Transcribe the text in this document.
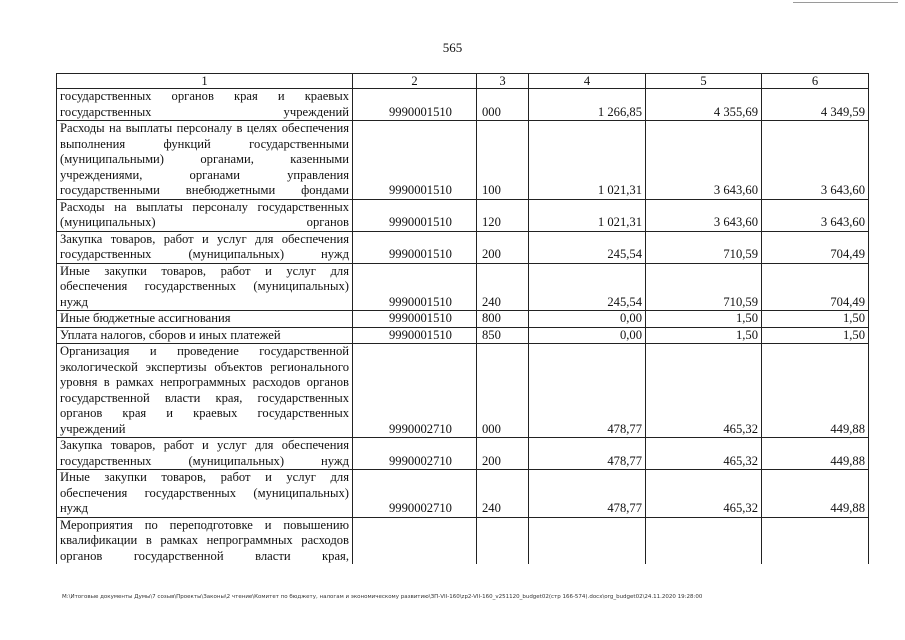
565
1	2	3	4	5	6
государственных органов края и краевых государственных учреждений	9990001510	000	1 266,85	4 355,69	4 349,59
Расходы на выплаты персоналу в целях обеспечения выполнения функций государственными (муниципальными) органами, казенными учреждениями, органами управления государственными внебюджетными фондами	9990001510	100	1 021,31	3 643,60	3 643,60
Расходы на выплаты персоналу государственных (муниципальных) органов	9990001510	120	1 021,31	3 643,60	3 643,60
Закупка товаров, работ и услуг для обеспечения государственных (муниципальных) нужд	9990001510	200	245,54	710,59	704,49
Иные закупки товаров, работ и услуг для обеспечения государственных (муниципальных) нужд	9990001510	240	245,54	710,59	704,49
Иные бюджетные ассигнования	9990001510	800	0,00	1,50	1,50
Уплата налогов, сборов и иных платежей	9990001510	850	0,00	1,50	1,50
Организация и проведение государственной экологической экспертизы объектов регионального уровня в рамках непрограммных расходов органов государственной власти края, государственных органов края и краевых государственных учреждений	9990002710	000	478,77	465,32	449,88
Закупка товаров, работ и услуг для обеспечения государственных (муниципальных) нужд	9990002710	200	478,77	465,32	449,88
Иные закупки товаров, работ и услуг для обеспечения государственных (муниципальных) нужд	9990002710	240	478,77	465,32	449,88
Мероприятия по переподготовке и повышению квалификации в рамках непрограммных расходов органов государственной власти края,					
M:\Итоговые документы Думы\7 созыв\Проекты\Законы\2 чтение\Комитет по бюджету, налогам и экономическому развитию\ЗП-VII-160\zp2-VII-160_v251120_budget02(стр 166-574).docx\org_budget02\24.11.2020 19:28:00
